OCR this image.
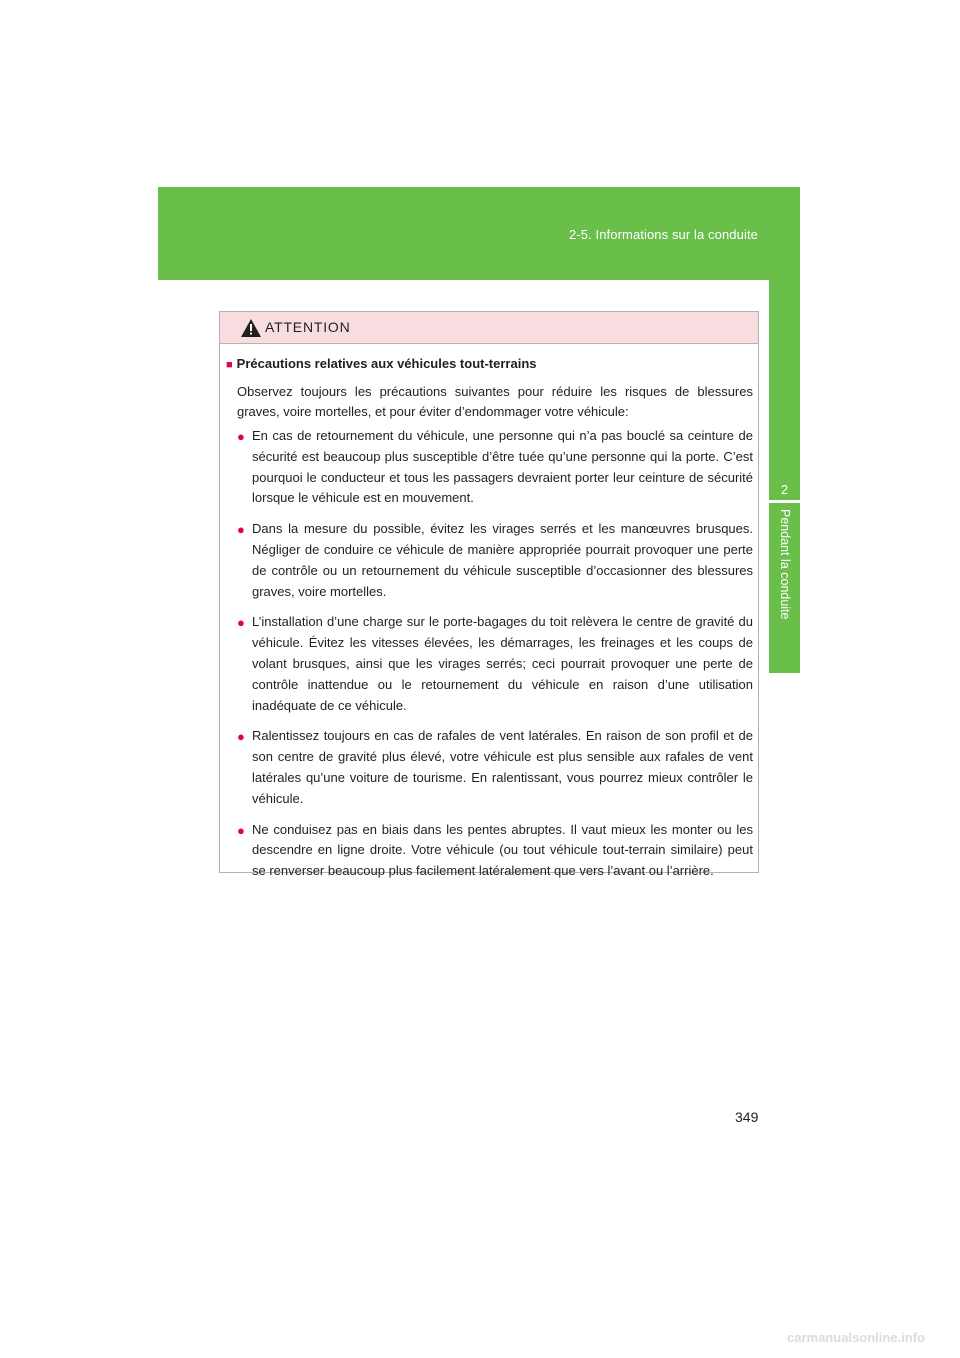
2-5. Informations sur la conduite
2
Pendant la conduite
ATTENTION
■ Précautions relatives aux véhicules tout-terrains
Observez toujours les précautions suivantes pour réduire les risques de blessures graves, voire mortelles, et pour éviter d’endommager votre véhicule:
● En cas de retournement du véhicule, une personne qui n’a pas bouclé sa ceinture de sécurité est beaucoup plus susceptible d’être tuée qu’une personne qui la porte. C’est pourquoi le conducteur et tous les passagers devraient porter leur ceinture de sécurité lorsque le véhicule est en mouvement.
● Dans la mesure du possible, évitez les virages serrés et les manœuvres brusques. Négliger de conduire ce véhicule de manière appropriée pourrait provoquer une perte de contrôle ou un retournement du véhicule susceptible d’occasionner des blessures graves, voire mortelles.
● L’installation d’une charge sur le porte-bagages du toit relèvera le centre de gravité du véhicule. Évitez les vitesses élevées, les démarrages, les freinages et les coups de volant brusques, ainsi que les virages serrés; ceci pourrait provoquer une perte de contrôle inattendue ou le retournement du véhicule en raison d’une utilisation inadéquate de ce véhicule.
● Ralentissez toujours en cas de rafales de vent latérales. En raison de son profil et de son centre de gravité plus élevé, votre véhicule est plus sensible aux rafales de vent latérales qu’une voiture de tourisme. En ralentissant, vous pourrez mieux contrôler le véhicule.
● Ne conduisez pas en biais dans les pentes abruptes. Il vaut mieux les monter ou les descendre en ligne droite. Votre véhicule (ou tout véhicule tout-terrain similaire) peut se renverser beaucoup plus facilement latéralement que vers l’avant ou l’arrière.
349
carmanualsonline.info
